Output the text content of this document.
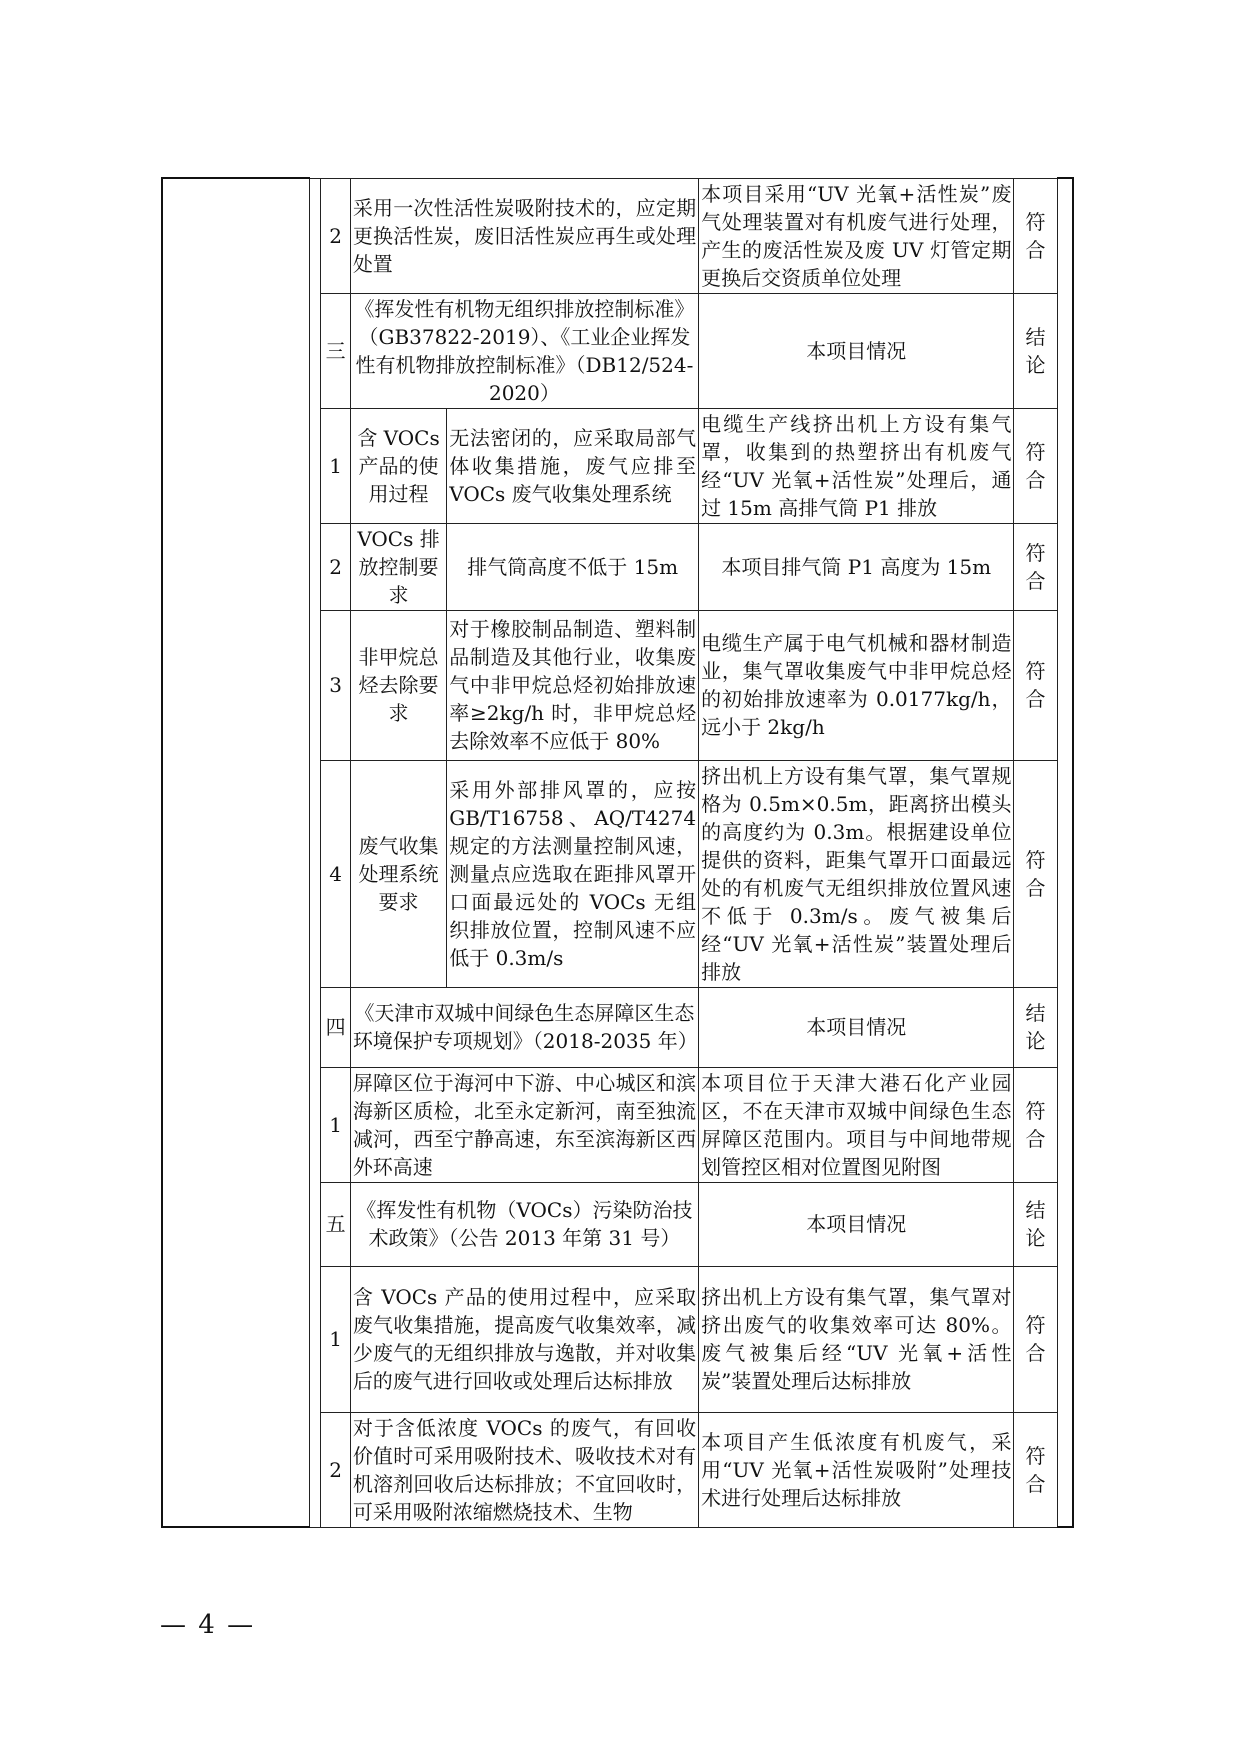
		2	采用一次性活性炭吸附技术的，应定期更换活性炭，废旧活性炭应再生或处理处置		本项目采用“UV 光氧+活性炭”废气处理装置对有机废气进行处理，产生的废活性炭及废 UV 灯管定期更换后交资质单位处理	符合	
		三	《挥发性有机物无组织排放控制标准》（GB37822-2019）、《工业企业挥发性有机物排放控制标准》（DB12/524-2020）		本项目情况	结论	
		1	含 VOCs 产品的使用过程	无法密闭的，应采取局部气体收集措施，废气应排至 VOCs 废气收集处理系统	电缆生产线挤出机上方设有集气罩，收集到的热塑挤出有机废气经“UV 光氧+活性炭”处理后，通过 15m 高排气筒 P1 排放	符合	
		2	VOCs 排放控制要求	排气筒高度不低于 15m	本项目排气筒 P1 高度为 15m	符合	
		3	非甲烷总烃去除要求	对于橡胶制品制造、塑料制品制造及其他行业，收集废气中非甲烷总烃初始排放速率≥2kg/h 时，非甲烷总烃去除效率不应低于 80%	电缆生产属于电气机械和器材制造业，集气罩收集废气中非甲烷总烃的初始排放速率为 0.0177kg/h，远小于 2kg/h	符合	
		4	废气收集处理系统要求	采用外部排风罩的，应按 GB/T16758、AQ/T4274 规定的方法测量控制风速，测量点应选取在距排风罩开口面最远处的 VOCs 无组织排放位置，控制风速不应低于 0.3m/s	挤出机上方设有集气罩，集气罩规格为 0.5m×0.5m，距离挤出模头的高度约为 0.3m。根据建设单位提供的资料，距集气罩开口面最远处的有机废气无组织排放位置风速不低于 0.3m/s。废气被集后经“UV 光氧+活性炭”装置处理后排放	符合	
		四	《天津市双城中间绿色生态屏障区生态环境保护专项规划》（2018-2035 年）		本项目情况	结论	
		1	屏障区位于海河中下游、中心城区和滨海新区质检，北至永定新河，南至独流减河，西至宁静高速，东至滨海新区西外环高速		本项目位于天津大港石化产业园区，不在天津市双城中间绿色生态屏障区范围内。项目与中间地带规划管控区相对位置图见附图	符合	
		五	《挥发性有机物（VOCs）污染防治技术政策》（公告 2013 年第 31 号）		本项目情况	结论	
		1	含 VOCs 产品的使用过程中，应采取废气收集措施，提高废气收集效率，减少废气的无组织排放与逸散，并对收集后的废气进行回收或处理后达标排放		挤出机上方设有集气罩，集气罩对挤出废气的收集效率可达 80%。废气被集后经“UV 光氧+活性炭”装置处理后达标排放	符合	
		2	对于含低浓度 VOCs 的废气，有回收价值时可采用吸附技术、吸收技术对有机溶剂回收后达标排放；不宜回收时，可采用吸附浓缩燃烧技术、生物		本项目产生低浓度有机废气，采用“UV 光氧+活性炭吸附”处理技术进行处理后达标排放	符合	
— 4 —
